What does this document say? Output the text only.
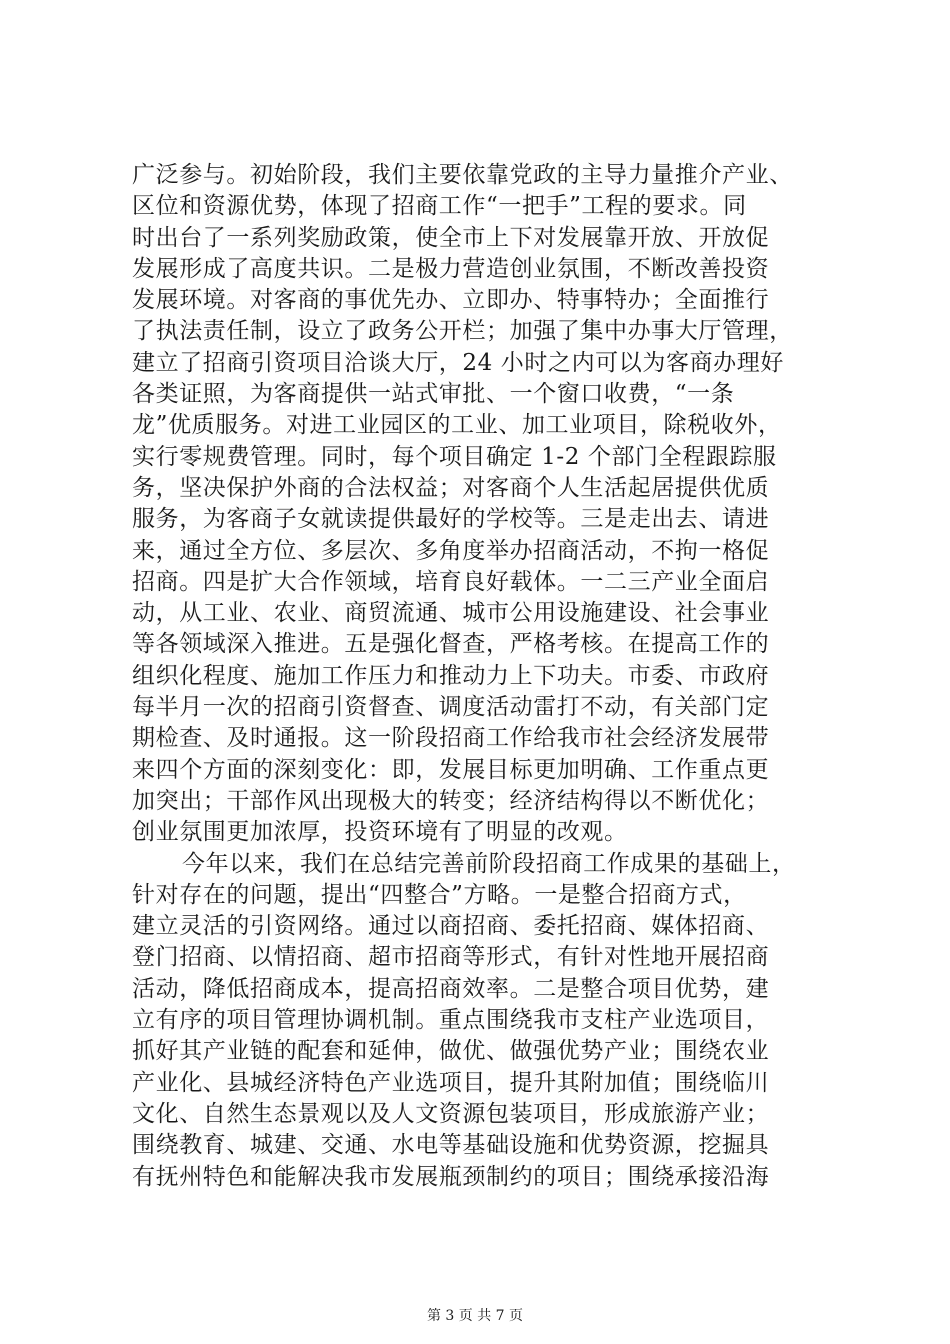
广泛参与。初始阶段，我们主要依靠党政的主导力量推介产业、
区位和资源优势，体现了招商工作“一把手”工程的要求。同
时出台了一系列奖励政策，使全市上下对发展靠开放、开放促
发展形成了高度共识。二是极力营造创业氛围，不断改善投资
发展环境。对客商的事优先办、立即办、特事特办；全面推行
了执法责任制，设立了政务公开栏；加强了集中办事大厅管理，
建立了招商引资项目洽谈大厅，24 小时之内可以为客商办理好
各类证照，为客商提供一站式审批、一个窗口收费，“一条
龙”优质服务。对进工业园区的工业、加工业项目，除税收外，
实行零规费管理。同时，每个项目确定 1-2 个部门全程跟踪服
务，坚决保护外商的合法权益；对客商个人生活起居提供优质
服务，为客商子女就读提供最好的学校等。三是走出去、请进
来，通过全方位、多层次、多角度举办招商活动，不拘一格促
招商。四是扩大合作领域，培育良好载体。一二三产业全面启
动，从工业、农业、商贸流通、城市公用设施建设、社会事业
等各领域深入推进。五是强化督查，严格考核。在提高工作的
组织化程度、施加工作压力和推动力上下功夫。市委、市政府
每半月一次的招商引资督查、调度活动雷打不动，有关部门定
期检查、及时通报。这一阶段招商工作给我市社会经济发展带
来四个方面的深刻变化：即，发展目标更加明确、工作重点更
加突出；干部作风出现极大的转变；经济结构得以不断优化；
创业氛围更加浓厚，投资环境有了明显的改观。
今年以来，我们在总结完善前阶段招商工作成果的基础上，
针对存在的问题，提出“四整合”方略。一是整合招商方式，
建立灵活的引资网络。通过以商招商、委托招商、媒体招商、
登门招商、以情招商、超市招商等形式，有针对性地开展招商
活动，降低招商成本，提高招商效率。二是整合项目优势，建
立有序的项目管理协调机制。重点围绕我市支柱产业选项目，
抓好其产业链的配套和延伸，做优、做强优势产业；围绕农业
产业化、县城经济特色产业选项目，提升其附加值；围绕临川
文化、自然生态景观以及人文资源包装项目，形成旅游产业；
围绕教育、城建、交通、水电等基础设施和优势资源，挖掘具
有抚州特色和能解决我市发展瓶颈制约的项目；围绕承接沿海
第 3 页 共 7 页
